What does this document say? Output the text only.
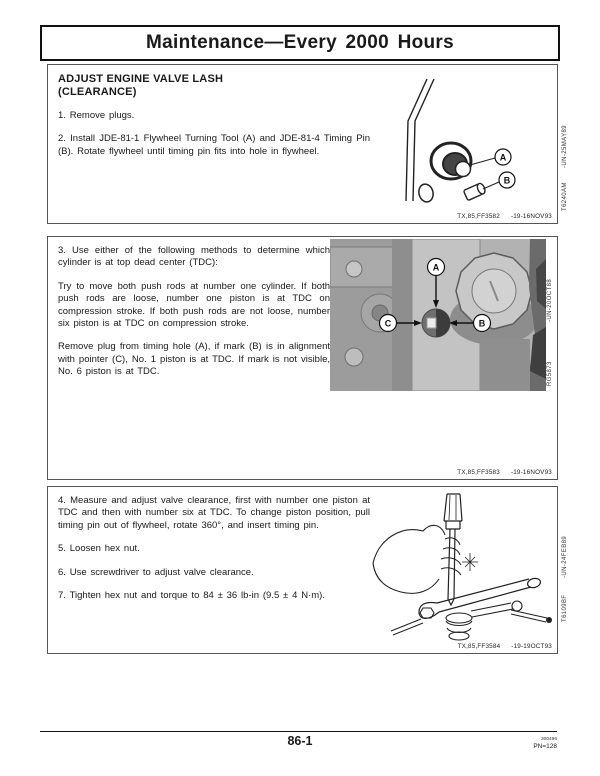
Maintenance—Every 2000 Hours
ADJUST ENGINE VALVE LASH
(CLEARANCE)

1. Remove plugs.

2. Install JDE-81-1 Flywheel Turning Tool (A) and JDE-81-4 Timing Pin (B). Rotate flywheel until timing pin fits into hole in flywheel.

A
B
TX,85,FF3582 -19-16NOV93
-UN-25MAY89
T6240AM

3. Use either of the following methods to determine which cylinder is at top dead center (TDC):

Try to move both push rods at number one cylinder. If both push rods are loose, number one piston is at TDC on compression stroke. If both push rods are not loose, number six piston is at TDC on compression stroke.

Remove plug from timing hole (A), if mark (B) is in alignment with pointer (C), No. 1 piston is at TDC. If mark is not visible, No. 6 piston is at TDC.

A
C	B
TX,85,FF3583 -19-16NOV93
-UN-20OCT88
RG5873

4. Measure and adjust valve clearance, first with number one piston at TDC and then with number six at TDC. To change piston position, pull timing pin out of flywheel, rotate 360°, and insert timing pin.

5. Loosen hex nut.

6. Use screwdriver to adjust valve clearance.

7. Tighten hex nut and torque to 84 ± 36 lb-in (9.5 ± 4 N·m).

TX,85,FF3584 -19-19OCT93
-UN-24FEB89
T6109BF
86-1	300496
PN=128
